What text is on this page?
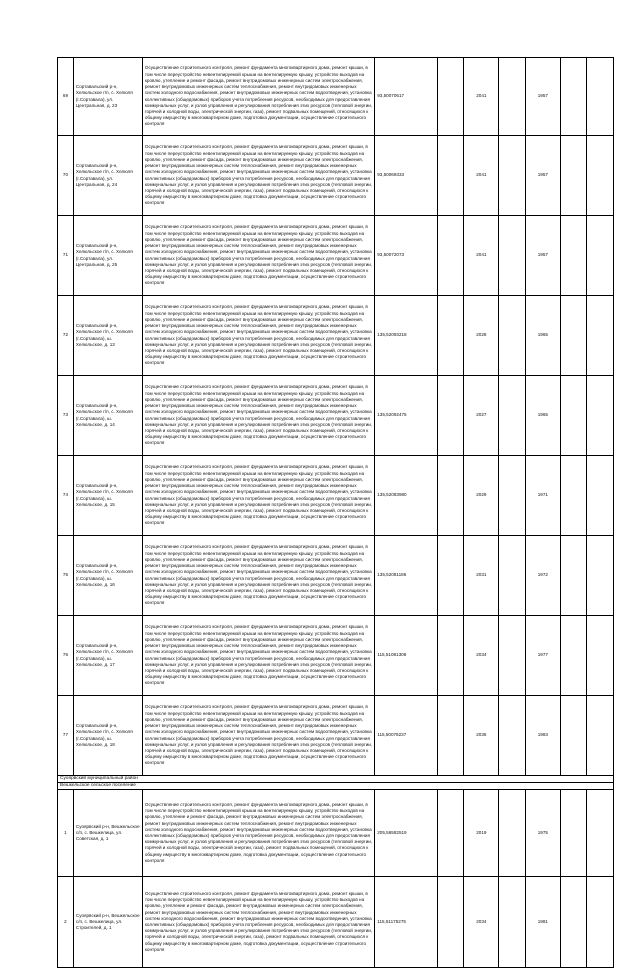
69	Сортавальский р-н, Хелюльское г/п, с. Хелюля (г.Сортавала), ул. Центральная, д. 23	Осуществление строительного контроля, ремонт фундамента многоквартирного дома, ремонт крыши, в том числе переустройство невентилируемой крыши на вентилируемую крышу, устройство выходов на кровлю, утепление и ремонт фасада, ремонт внутридомовых инженерных систем электроснабжения, ремонт внутридомовых инженерных систем теплоснабжения, ремонт внутридомовых инженерных систем холодного водоснабжения, ремонт внутридомовых инженерных систем водоотведения, установка коллективных (общедомовых) приборов учета потребления ресурсов, необходимых для предоставления коммунальных услуг, и узлов управления и регулирования потребления этих ресурсов (тепловой энергии, горячей и холодной воды, электрической энергии, газа), ремонт подвальных помещений, относящихся к общему имуществу в многоквартирном доме, подготовка документации, осуществление строительного контроля	93,50070617		2041		1957		
70	Сортавальский р-н, Хелюльское г/п, с. Хелюля (г.Сортавала), ул. Центральная, д. 24	Осуществление строительного контроля, ремонт фундамента многоквартирного дома, ремонт крыши, в том числе переустройство невентилируемой крыши на вентилируемую крышу, устройство выходов на кровлю, утепление и ремонт фасада, ремонт внутридомовых инженерных систем электроснабжения, ремонт внутридомовых инженерных систем теплоснабжения, ремонт внутридомовых инженерных систем холодного водоснабжения, ремонт внутридомовых инженерных систем водоотведения, установка коллективных (общедомовых) приборов учета потребления ресурсов, необходимых для предоставления коммунальных услуг, и узлов управления и регулирования потребления этих ресурсов (тепловой энергии, горячей и холодной воды, электрической энергии, газа), ремонт подвальных помещений, относящихся к общему имуществу в многоквартирном доме, подготовка документации, осуществление строительного контроля	93,50069333		2041		1957		
71	Сортавальский р-н, Хелюльское г/п, с. Хелюля (г.Сортавала), ул. Центральная, д. 25	Осуществление строительного контроля, ремонт фундамента многоквартирного дома, ремонт крыши, в том числе переустройство невентилируемой крыши на вентилируемую крышу, устройство выходов на кровлю, утепление и ремонт фасада, ремонт внутридомовых инженерных систем электроснабжения, ремонт внутридомовых инженерных систем теплоснабжения, ремонт внутридомовых инженерных систем холодного водоснабжения, ремонт внутридомовых инженерных систем водоотведения, установка коллективных (общедомовых) приборов учета потребления ресурсов, необходимых для предоставления коммунальных услуг, и узлов управления и регулирования потребления этих ресурсов (тепловой энергии, горячей и холодной воды, электрической энергии, газа), ремонт подвальных помещений, относящихся к общему имуществу в многоквартирном доме, подготовка документации, осуществление строительного контроля	93,50072073		2041		1957		
72	Сортавальский р-н, Хелюльское г/п, с. Хелюля (г.Сортавала), ш. Хелюльское, д. 13	Осуществление строительного контроля, ремонт фундамента многоквартирного дома, ремонт крыши, в том числе переустройство невентилируемой крыши на вентилируемую крышу, устройство выходов на кровлю, утепление и ремонт фасада, ремонт внутридомовых инженерных систем электроснабжения, ремонт внутридомовых инженерных систем теплоснабжения, ремонт внутридомовых инженерных систем холодного водоснабжения, ремонт внутридомовых инженерных систем водоотведения, установка коллективных (общедомовых) приборов учета потребления ресурсов, необходимых для предоставления коммунальных услуг, и узлов управления и регулирования потребления этих ресурсов (тепловой энергии, горячей и холодной воды, электрической энергии, газа), ремонт подвальных помещений, относящихся к общему имуществу в многоквартирном доме, подготовка документации, осуществление строительного контроля	135,52093218		2028		1965		
73	Сортавальский р-н, Хелюльское г/п, с. Хелюля (г.Сортавала), ш. Хелюльское, д. 14	Осуществление строительного контроля, ремонт фундамента многоквартирного дома, ремонт крыши, в том числе переустройство невентилируемой крыши на вентилируемую крышу, устройство выходов на кровлю, утепление и ремонт фасада, ремонт внутридомовых инженерных систем электроснабжения, ремонт внутридомовых инженерных систем теплоснабжения, ремонт внутридомовых инженерных систем холодного водоснабжения, ремонт внутридомовых инженерных систем водоотведения, установка коллективных (общедомовых) приборов учета потребления ресурсов, необходимых для предоставления коммунальных услуг, и узлов управления и регулирования потребления этих ресурсов (тепловой энергии, горячей и холодной воды, электрической энергии, газа), ремонт подвальных помещений, относящихся к общему имуществу в многоквартирном доме, подготовка документации, осуществление строительного контроля	135,52092475		2027		1965		
74	Сортавальский р-н, Хелюльское г/п, с. Хелюля (г.Сортавала), ш. Хелюльское, д. 15	Осуществление строительного контроля, ремонт фундамента многоквартирного дома, ремонт крыши, в том числе переустройство невентилируемой крыши на вентилируемую крышу, устройство выходов на кровлю, утепление и ремонт фасада, ремонт внутридомовых инженерных систем электроснабжения, ремонт внутридомовых инженерных систем теплоснабжения, ремонт внутридомовых инженерных систем холодного водоснабжения, ремонт внутридомовых инженерных систем водоотведения, установка коллективных (общедомовых) приборов учета потребления ресурсов, необходимых для предоставления коммунальных услуг, и узлов управления и регулирования потребления этих ресурсов (тепловой энергии, горячей и холодной воды, электрической энергии, газа), ремонт подвальных помещений, относящихся к общему имуществу в многоквартирном доме, подготовка документации, осуществление строительного контроля	135,52083980		2029		1971		
75	Сортавальский р-н, Хелюльское г/п, с. Хелюля (г.Сортавала), ш. Хелюльское, д. 16	Осуществление строительного контроля, ремонт фундамента многоквартирного дома, ремонт крыши, в том числе переустройство невентилируемой крыши на вентилируемую крышу, устройство выходов на кровлю, утепление и ремонт фасада, ремонт внутридомовых инженерных систем электроснабжения, ремонт внутридомовых инженерных систем теплоснабжения, ремонт внутридомовых инженерных систем холодного водоснабжения, ремонт внутридомовых инженерных систем водоотведения, установка коллективных (общедомовых) приборов учета потребления ресурсов, необходимых для предоставления коммунальных услуг, и узлов управления и регулирования потребления этих ресурсов (тепловой энергии, горячей и холодной воды, электрической энергии, газа), ремонт подвальных помещений, относящихся к общему имуществу в многоквартирном доме, подготовка документации, осуществление строительного контроля	135,52081186		2031		1972		
76	Сортавальский р-н, Хелюльское г/п, с. Хелюля (г.Сортавала), ш. Хелюльское, д. 17	Осуществление строительного контроля, ремонт фундамента многоквартирного дома, ремонт крыши, в том числе переустройство невентилируемой крыши на вентилируемую крышу, устройство выходов на кровлю, утепление и ремонт фасада, ремонт внутридомовых инженерных систем электроснабжения, ремонт внутридомовых инженерных систем теплоснабжения, ремонт внутридомовых инженерных систем холодного водоснабжения, ремонт внутридомовых инженерных систем водоотведения, установка коллективных (общедомовых) приборов учета потребления ресурсов, необходимых для предоставления коммунальных услуг, и узлов управления и регулирования потребления этих ресурсов (тепловой энергии, горячей и холодной воды, электрической энергии, газа), ремонт подвальных помещений, относящихся к общему имуществу в многоквартирном доме, подготовка документации, осуществление строительного контроля	115,51081308		2034		1977		
77	Сортавальский р-н, Хелюльское г/п, с. Хелюля (г.Сортавала), ш. Хелюльское, д. 18	Осуществление строительного контроля, ремонт фундамента многоквартирного дома, ремонт крыши, в том числе переустройство невентилируемой крыши на вентилируемую крышу, устройство выходов на кровлю, утепление и ремонт фасада, ремонт внутридомовых инженерных систем электроснабжения, ремонт внутридомовых инженерных систем теплоснабжения, ремонт внутридомовых инженерных систем холодного водоснабжения, ремонт внутридомовых инженерных систем водоотведения, установка коллективных (общедомовых) приборов учета потребления ресурсов, необходимых для предоставления коммунальных услуг, и узлов управления и регулирования потребления этих ресурсов (тепловой энергии, горячей и холодной воды, электрической энергии, газа), ремонт подвальных помещений, относящихся к общему имуществу в многоквартирном доме, подготовка документации, осуществление строительного контроля	115,50078237		2036		1983		
Суоярвский муниципальный район									
Вешкельское сельское поселение									
1	Суоярвский р-н, Вешкельское с/п, с. Вешкелица, ул. Советская, д. 1	Осуществление строительного контроля, ремонт фундамента многоквартирного дома, ремонт крыши, в том числе переустройство невентилируемой крыши на вентилируемую крышу, устройство выходов на кровлю, утепление и ремонт фасада, ремонт внутридомовых инженерных систем электроснабжения, ремонт внутридомовых инженерных систем теплоснабжения, ремонт внутридомовых инженерных систем холодного водоснабжения, ремонт внутридомовых инженерных систем водоотведения, установка коллективных (общедомовых) приборов учета потребления ресурсов, необходимых для предоставления коммунальных услуг, и узлов управления и регулирования потребления этих ресурсов (тепловой энергии, горячей и холодной воды, электрической энергии, газа), ремонт подвальных помещений, относящихся к общему имуществу в многоквартирном доме, подготовка документации, осуществление строительного контроля	205,56582519		2019		1975		
2	Суоярвский р-н, Вешкельское с/п, с. Вешкелица, ул. Строителей, д. 1	Осуществление строительного контроля, ремонт фундамента многоквартирного дома, ремонт крыши, в том числе переустройство невентилируемой крыши на вентилируемую крышу, устройство выходов на кровлю, утепление и ремонт фасада, ремонт внутридомовых инженерных систем электроснабжения, ремонт внутридомовых инженерных систем теплоснабжения, ремонт внутридомовых инженерных систем холодного водоснабжения, ремонт внутридомовых инженерных систем водоотведения, установка коллективных (общедомовых) приборов учета потребления ресурсов, необходимых для предоставления коммунальных услуг, и узлов управления и регулирования потребления этих ресурсов (тепловой энергии, горячей и холодной воды, электрической энергии, газа), ремонт подвальных помещений, относящихся к общему имуществу в многоквартирном доме, подготовка документации, осуществление строительного контроля	115,51175275		2034		1981		
